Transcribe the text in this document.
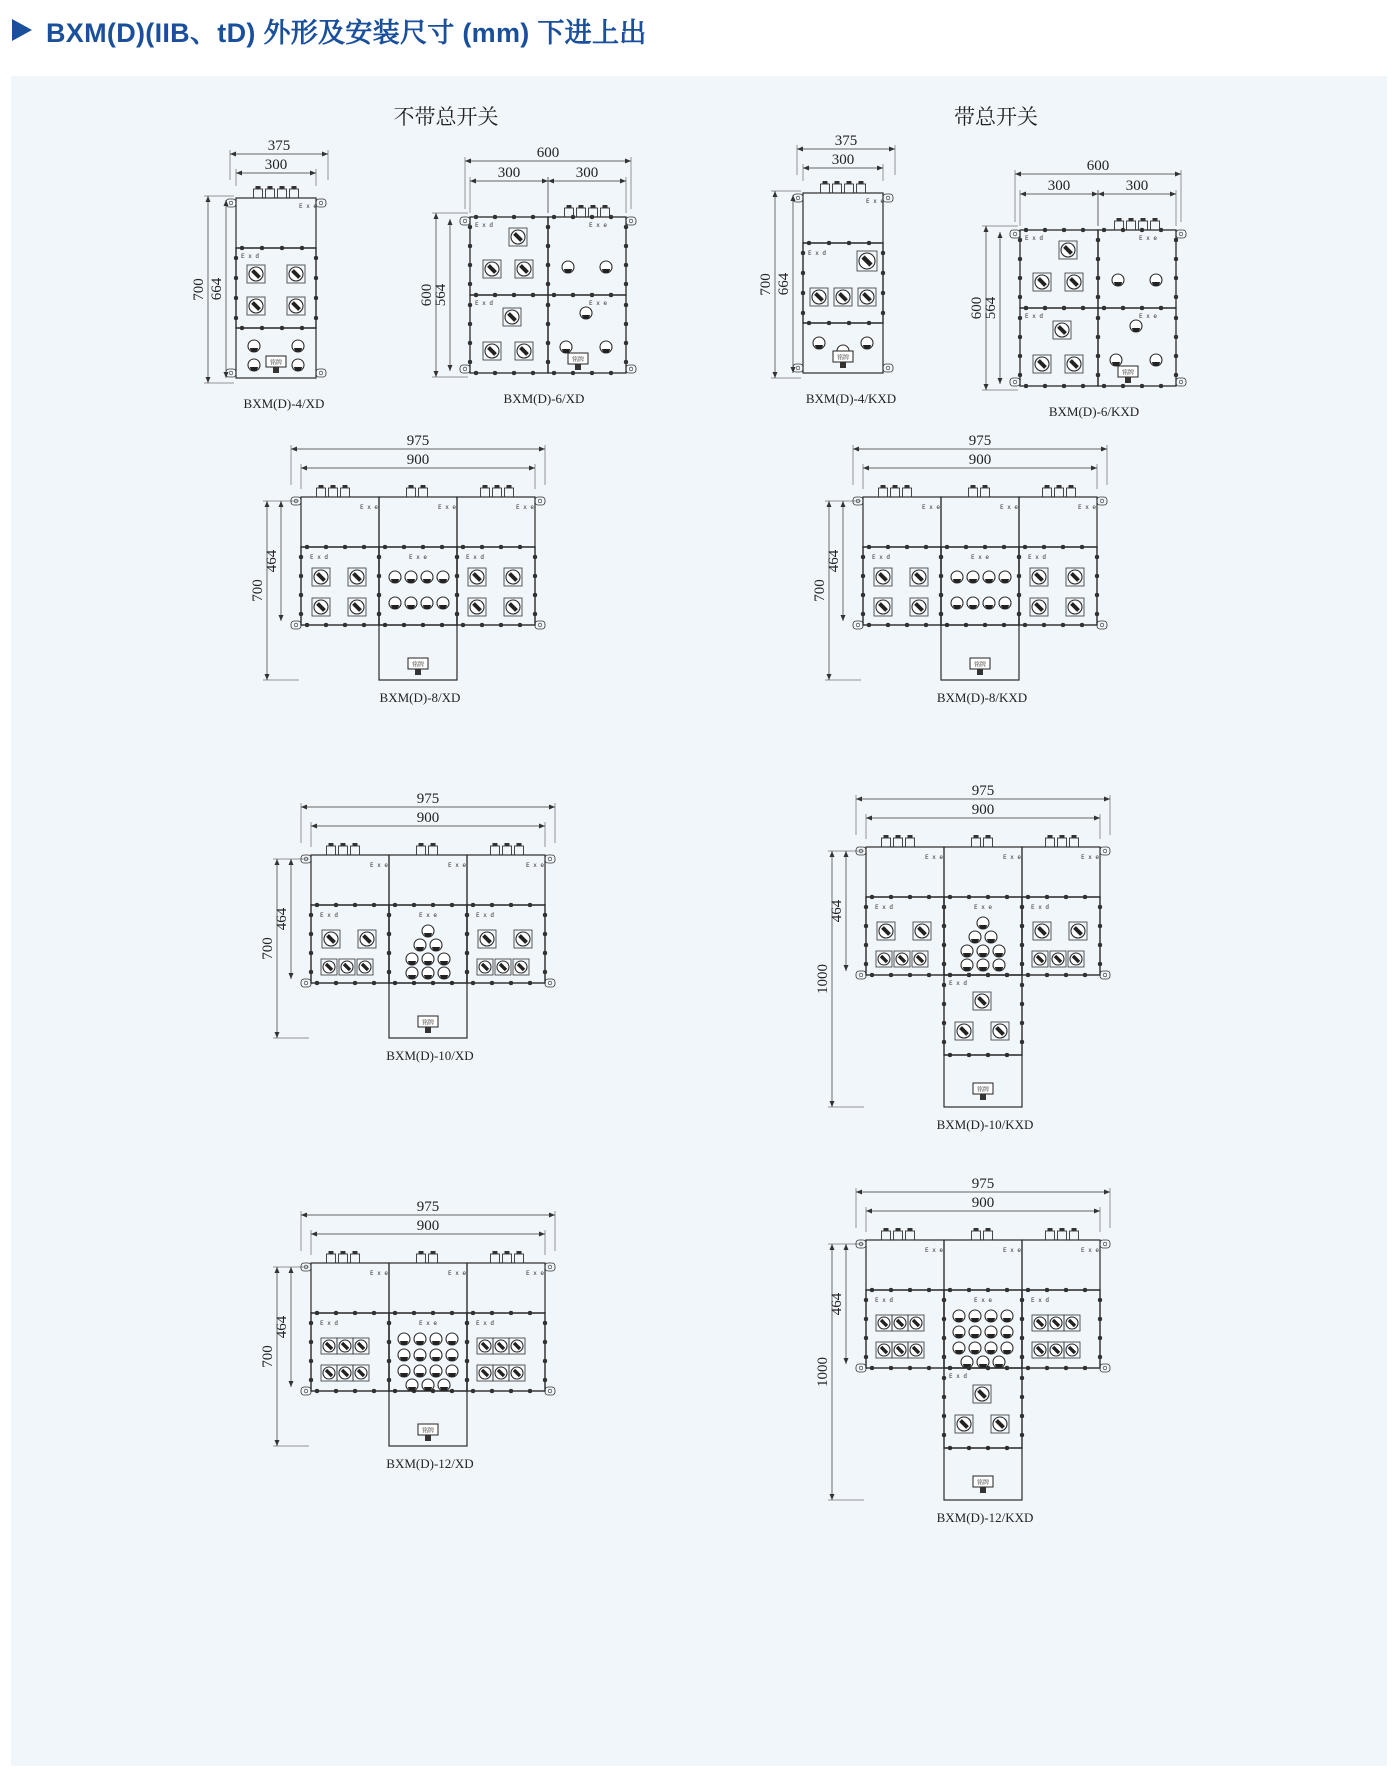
BXM(D)(IIB、tD) 外形及安装尺寸 (mm) 下进上出
不带总开关	带总开关
375
300
E x e
E x d
铭牌
700 664
BXM(D)-4/XD
600
300	300
E x d	E x e
E x d	E x e
铭牌
600
564
BXM(D)-6/XD
375
300
E x e
E x d
铭牌
700 664
BXM(D)-4/KXD
600
300	300
E x d	E x e
E x d	E x e
铭牌
600
564
BXM(D)-6/KXD
975
900
E x e	E x e	E x e
E x d	E x e	E x d
铭牌
700
464
BXM(D)-8/XD
975
900
E x e	E x e	E x e
E x d	E x e	E x d
铭牌
700
464
BXM(D)-8/KXD
975
900
E x e	E x e	E x e
E x d	E x e	E x d
铭牌
700
464
BXM(D)-10/XD
975
900
E x e	E x e	E x e
E x d	E x e	E x d
E x d
铭牌
1000
464
BXM(D)-10/KXD
975
900
E x e	E x e	E x e
E x d	E x e	E x d
铭牌
700
464
BXM(D)-12/XD
975
900
E x e	E x e	E x e
E x d	E x e	E x d
E x d
铭牌
1000
464
BXM(D)-12/KXD
